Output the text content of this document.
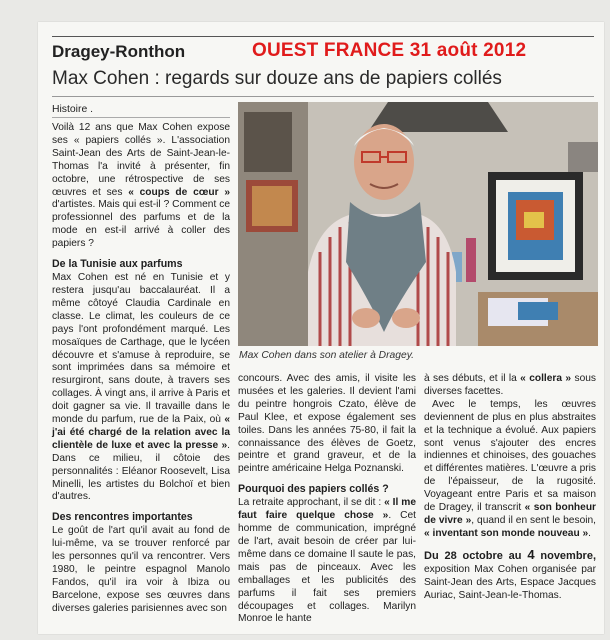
Dragey-Ronthon	OUEST FRANCE 31 août 2012
Max Cohen : regards sur douze ans de papiers collés
Histoire .

Voilà 12 ans que Max Cohen expose ses « papiers collés ». L'association Saint-Jean des Arts de Saint-Jean-le-Thomas l'a invité à présenter, fin octobre, une rétrospective de ses œuvres et ses « coups de cœur » d'artistes. Mais qui est-il ? Comment ce professionnel des parfums et de la mode en est-il arrivé à coller des papiers ?

De la Tunisie aux parfums

Max Cohen est né en Tunisie et y restera jusqu'au baccalauréat. Il a même côtoyé Claudia Cardinale en classe. Le climat, les couleurs de ce pays l'ont profondément marqué. Les mosaïques de Carthage, que le lycéen découvre et s'amuse à reproduire, se sont imprimées dans sa mémoire et resurgiront, sans doute, à travers ses collages. À vingt ans, il arrive à Paris et doit gagner sa vie. Il travaille dans le monde du parfum, rue de la Paix, où « j'ai été chargé de la relation avec la clientèle de luxe et avec la presse ». Dans ce milieu, il côtoie des personnalités : Eléanor Roosevelt, Lisa Minelli, les artistes du Bolchoï et bien d'autres.

Des rencontres importantes

Le goût de l'art qu'il avait au fond de lui-même, va se trouver renforcé par les personnes qu'il va rencontrer. Vers 1980, le peintre espagnol Manolo Fandos, qu'il ira voir à Ibiza ou Barcelone, expose ses œuvres dans diverses galeries parisiennes avec son

Max Cohen dans son atelier à Dragey.

concours. Avec des amis, il visite les musées et les galeries. Il devient l'ami du peintre hongrois Czato, élève de Paul Klee, et expose également ses toiles. Dans les années 75-80, il fait la connaissance des élèves de Goetz, peintre et grand graveur, et de la peintre américaine Helga Poznanski.

Pourquoi des papiers collés ?

La retraite approchant, il se dit : « Il me faut faire quelque chose ». Cet homme de communication, imprégné de l'art, avait besoin de créer par lui-même dans ce domaine Il saute le pas, mais pas de pinceaux. Avec les emballages et les publicités des parfums il fait ses premiers découpages et collages. Marilyn Monroe le hante

à ses débuts, et il la « collera » sous diverses facettes.

Avec le temps, les œuvres deviennent de plus en plus abstraites et la technique a évolué. Aux papiers sont venus s'ajouter des encres indiennes et chinoises, des gouaches et différentes matières. L'œuvre a pris de l'épaisseur, de la rugosité. Voyageant entre Paris et sa maison de Dragey, il transcrit « son bonheur de vivre », quand il en sent le besoin, « inventant son monde nouveau ».

Du 28 octobre au 4 novembre, exposition Max Cohen organisée par Saint-Jean des Arts, Espace Jacques Auriac, Saint-Jean-le-Thomas.
